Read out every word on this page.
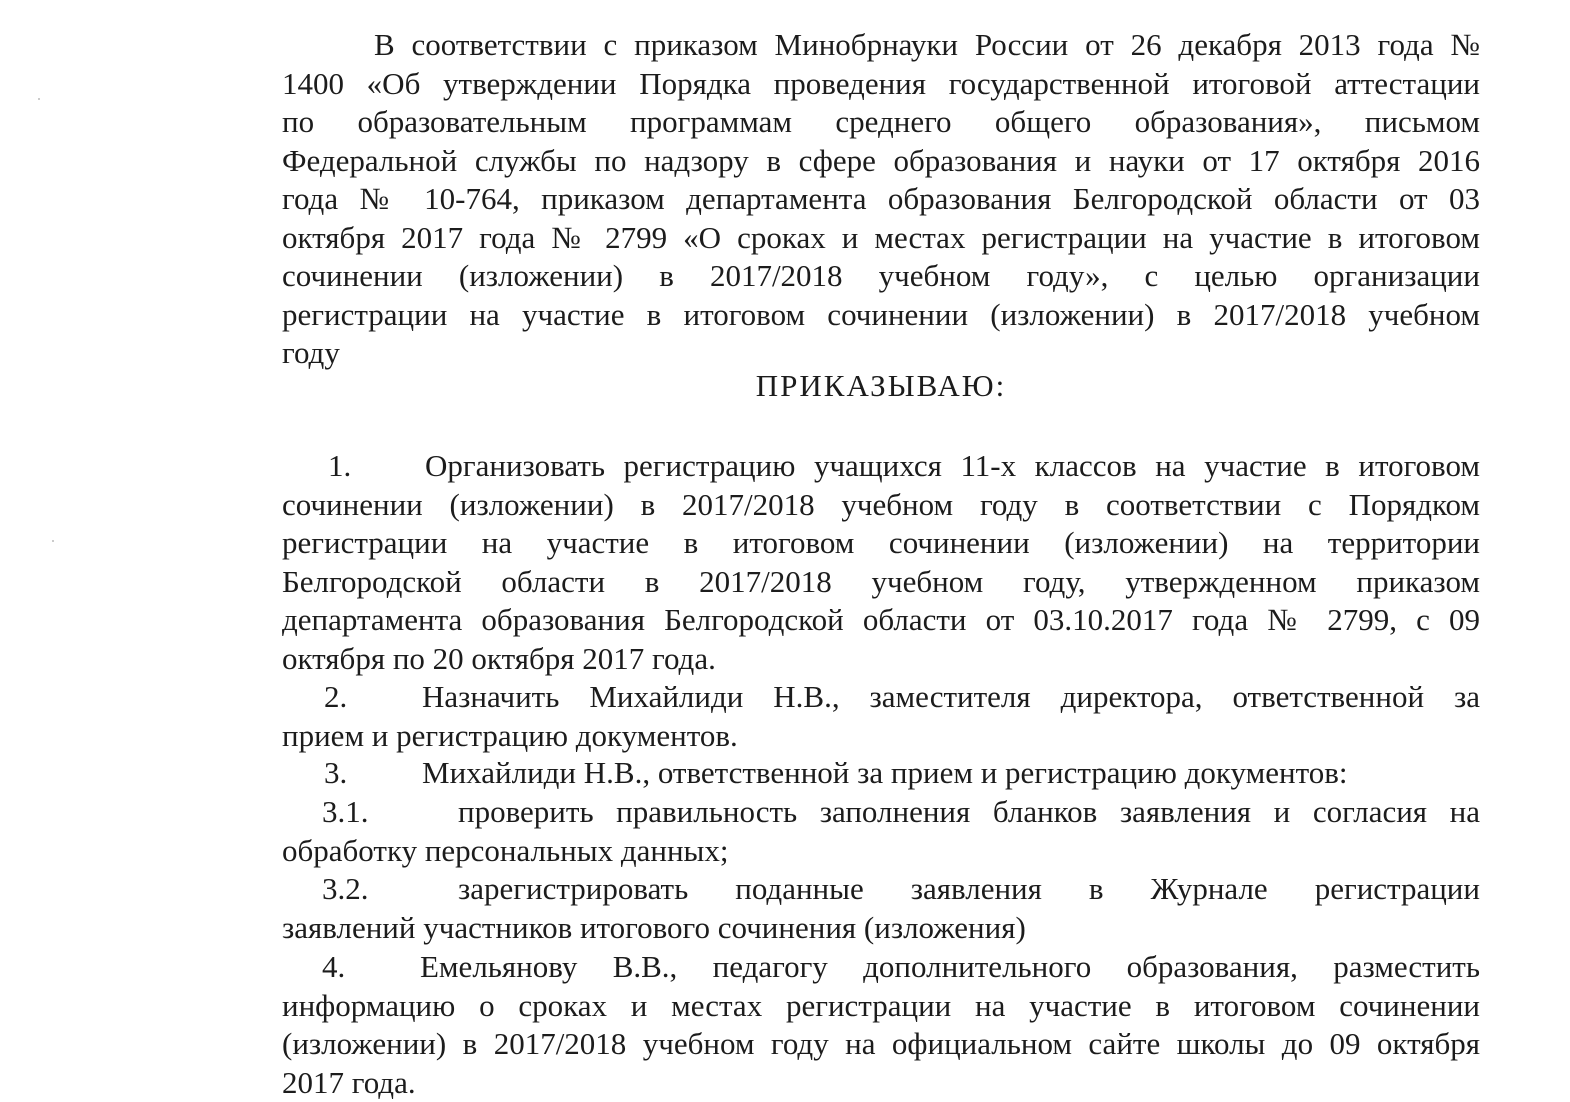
В соответствии с приказом Минобрнауки России от 26 декабря 2013 года №
1400 «Об утверждении Порядка проведения государственной итоговой аттестации
по образовательным программам среднего общего образования», письмом
Федеральной службы по надзору в сфере образования и науки от 17 октября 2016
года № 10-764, приказом департамента образования Белгородской области от 03
октября 2017 года № 2799 «О сроках и местах регистрации на участие в итоговом
сочинении (изложении) в 2017/2018 учебном году», с целью организации
регистрации на участие в итоговом сочинении (изложении) в 2017/2018 учебном
году
ПРИКАЗЫВАЮ:
1.	Организовать регистрацию учащихся 11-х классов на участие в итоговом
сочинении (изложении) в 2017/2018 учебном году в соответствии с Порядком
регистрации на участие в итоговом сочинении (изложении) на территории
Белгородской области в 2017/2018 учебном году, утвержденном приказом
департамента образования Белгородской области от 03.10.2017 года № 2799, с 09
октября по 20 октября 2017 года.
2.	Назначить Михайлиди Н.В., заместителя директора, ответственной за
прием и регистрацию документов.
3.	Михайлиди Н.В., ответственной за прием и регистрацию документов:
3.1.	проверить правильность заполнения бланков заявления и согласия на
обработку персональных данных;
3.2.	зарегистрировать поданные заявления в Журнале регистрации
заявлений участников итогового сочинения (изложения)
4.	Емельянову В.В., педагогу дополнительного образования, разместить
информацию о сроках и местах регистрации на участие в итоговом сочинении
(изложении) в 2017/2018 учебном году на официальном сайте школы до 09 октября
2017 года.
